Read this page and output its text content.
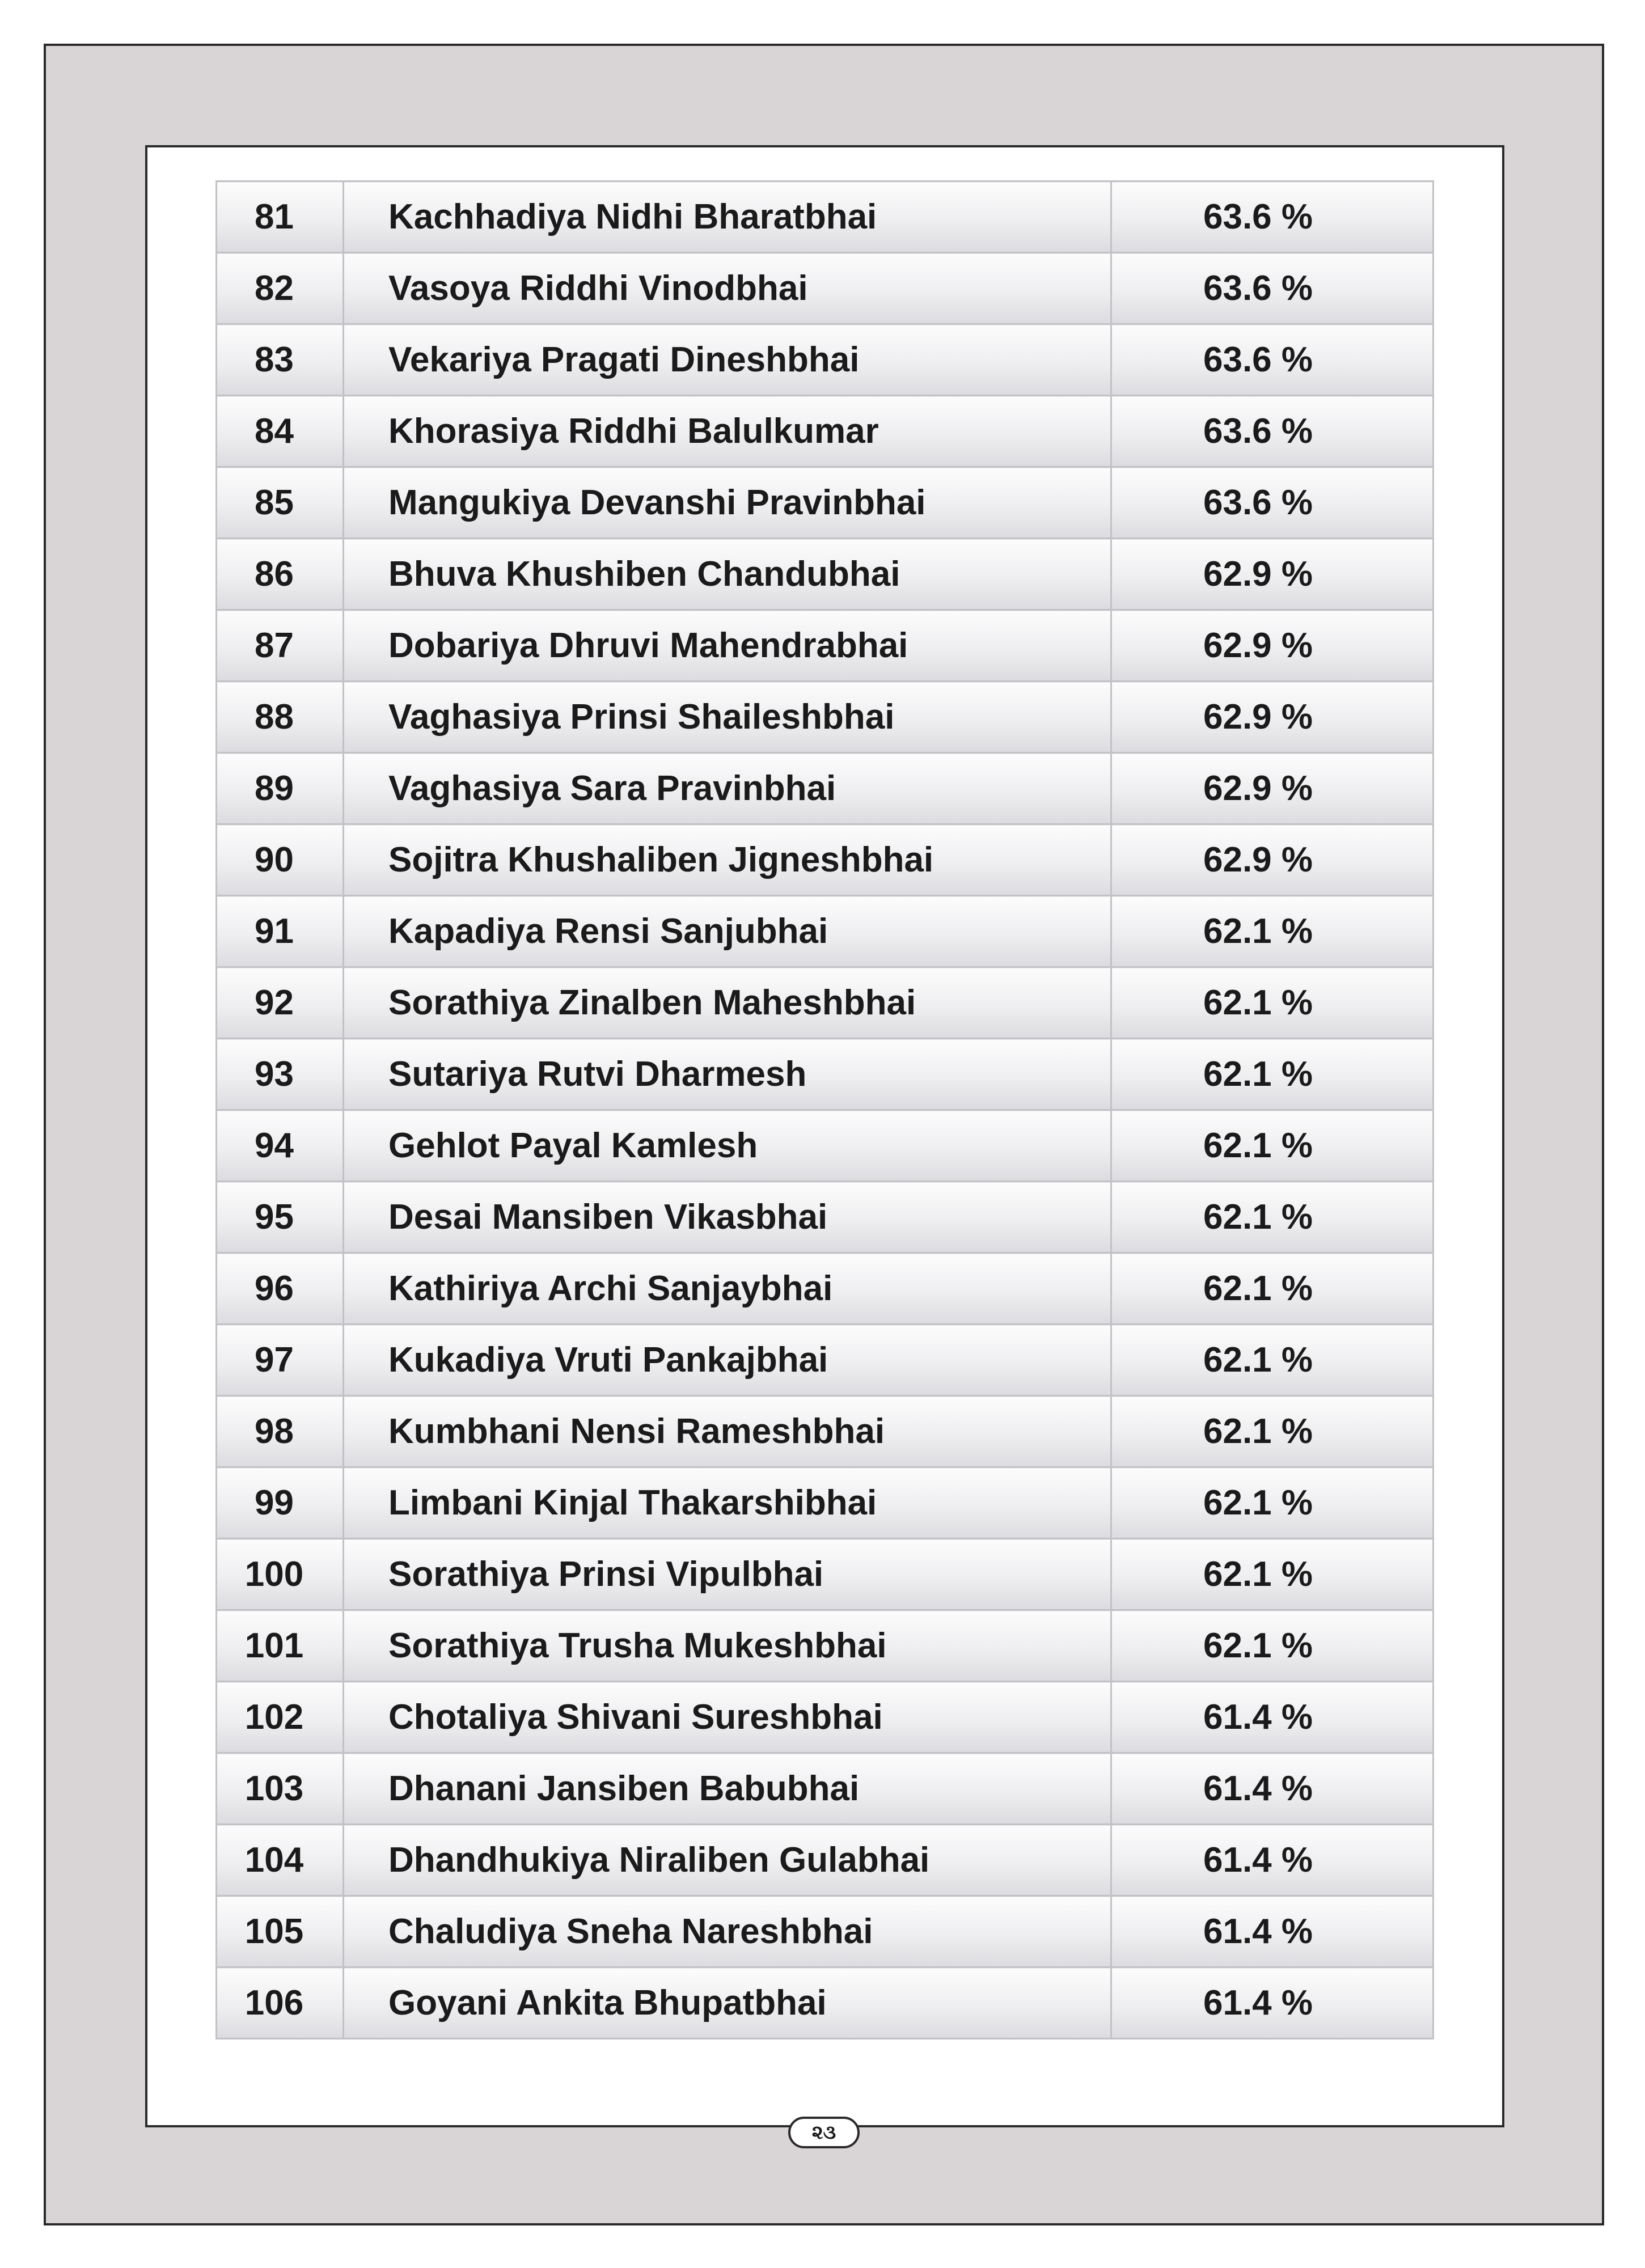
81	Kachhadiya Nidhi Bharatbhai	63.6 %
82	Vasoya Riddhi Vinodbhai	63.6 %
83	Vekariya Pragati Dineshbhai	63.6 %
84	Khorasiya Riddhi Balulkumar	63.6 %
85	Mangukiya Devanshi Pravinbhai	63.6 %
86	Bhuva Khushiben Chandubhai	62.9 %
87	Dobariya Dhruvi Mahendrabhai	62.9 %
88	Vaghasiya Prinsi Shaileshbhai	62.9 %
89	Vaghasiya Sara Pravinbhai	62.9 %
90	Sojitra Khushaliben Jigneshbhai	62.9 %
91	Kapadiya Rensi Sanjubhai	62.1 %
92	Sorathiya Zinalben Maheshbhai	62.1 %
93	Sutariya Rutvi Dharmesh	62.1 %
94	Gehlot Payal Kamlesh	62.1 %
95	Desai Mansiben Vikasbhai	62.1 %
96	Kathiriya Archi Sanjaybhai	62.1 %
97	Kukadiya Vruti Pankajbhai	62.1 %
98	Kumbhani Nensi Rameshbhai	62.1 %
99	Limbani Kinjal Thakarshibhai	62.1 %
100	Sorathiya Prinsi Vipulbhai	62.1 %
101	Sorathiya Trusha Mukeshbhai	62.1 %
102	Chotaliya Shivani Sureshbhai	61.4 %
103	Dhanani Jansiben Babubhai	61.4 %
104	Dhandhukiya Niraliben Gulabhai	61.4 %
105	Chaludiya Sneha Nareshbhai	61.4 %
106	Goyani Ankita Bhupatbhai	61.4 %
૨૩
